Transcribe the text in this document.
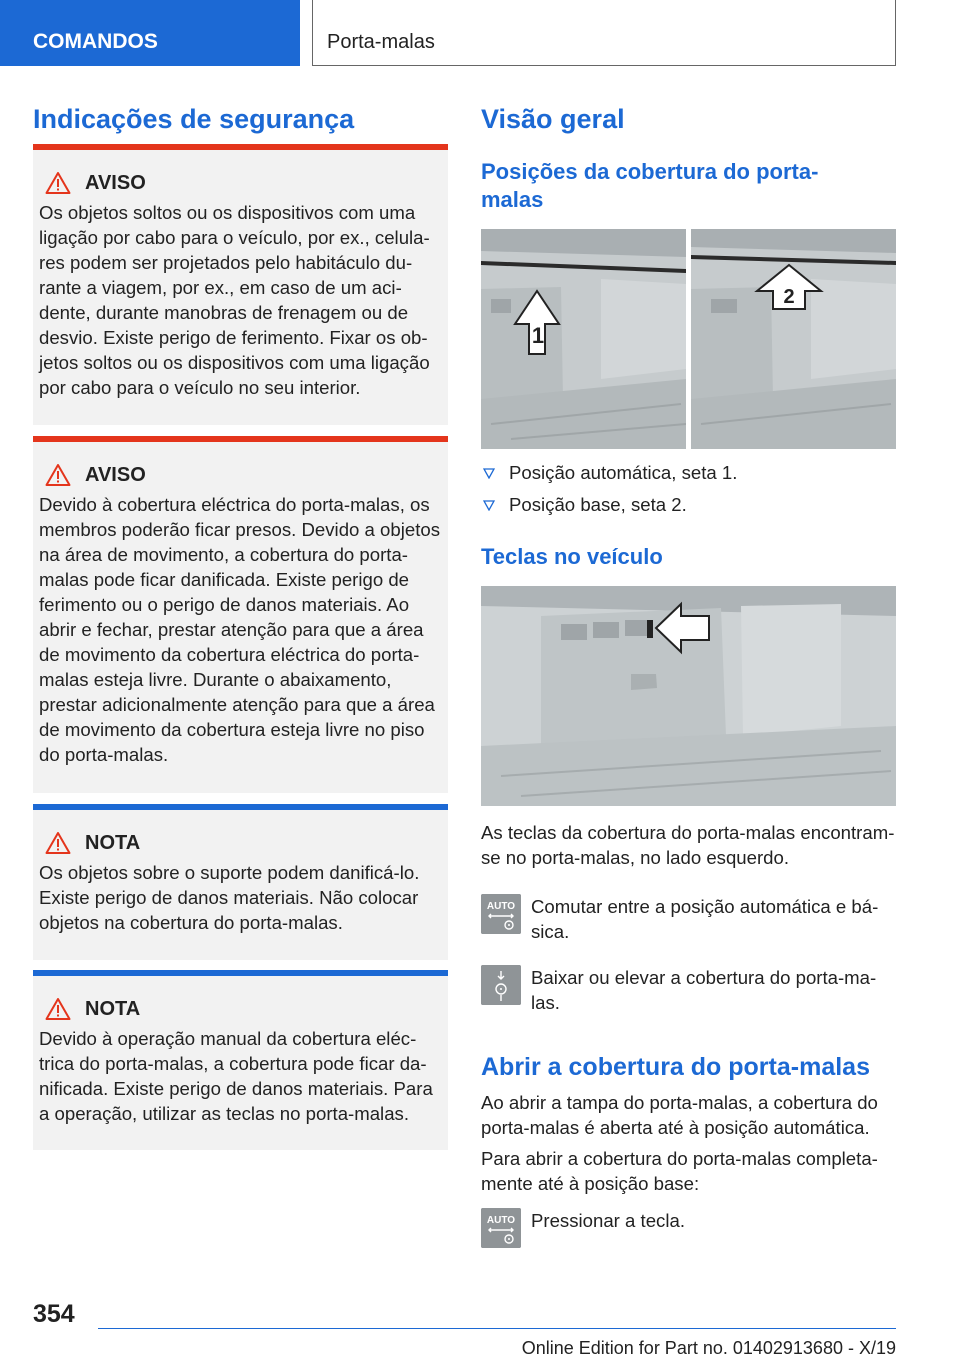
COMANDOS	Porta-malas
Indicações de segurança
AVISO
Os objetos soltos ou os dispositivos com uma ligação por cabo para o veículo, por ex., celulares podem ser projetados pelo habitáculo durante a viagem, por ex., em caso de um acidente, durante manobras de frenagem ou de desvio. Existe perigo de ferimento. Fixar os objetos soltos ou os dispositivos com uma ligação por cabo para o veículo no seu interior.
AVISO
Devido à cobertura eléctrica do porta-malas, os membros poderão ficar presos. Devido a objetos na área de movimento, a cobertura do porta-malas pode ficar danificada. Existe perigo de ferimento ou o perigo de danos materiais. Ao abrir e fechar, prestar atenção para que a área de movimento da cobertura eléctrica do porta-malas esteja livre. Durante o abaixamento, prestar adicionalmente atenção para que a área de movimento da cobertura esteja livre no piso do porta-malas.
NOTA
Os objetos sobre o suporte podem danificá-lo. Existe perigo de danos materiais. Não colocar objetos na cobertura do porta-malas.
NOTA
Devido à operação manual da cobertura eléctrica do porta-malas, a cobertura pode ficar danificada. Existe perigo de danos materiais. Para a operação, utilizar as teclas no porta-malas.
Visão geral
Posições da cobertura do porta-malas
1
2
Posição automática, seta 1.
Posição base, seta 2.
Teclas no veículo
As teclas da cobertura do porta-malas encontram-se no porta-malas, no lado esquerdo.
AUTO Comutar entre a posição automática e básica.
Baixar ou elevar a cobertura do porta-malas.
Abrir a cobertura do porta-malas
Ao abrir a tampa do porta-malas, a cobertura do porta-malas é aberta até à posição automática.
Para abrir a cobertura do porta-malas completamente até à posição base:
AUTO Pressionar a tecla.
354
Online Edition for Part no. 01402913680 - X/19
